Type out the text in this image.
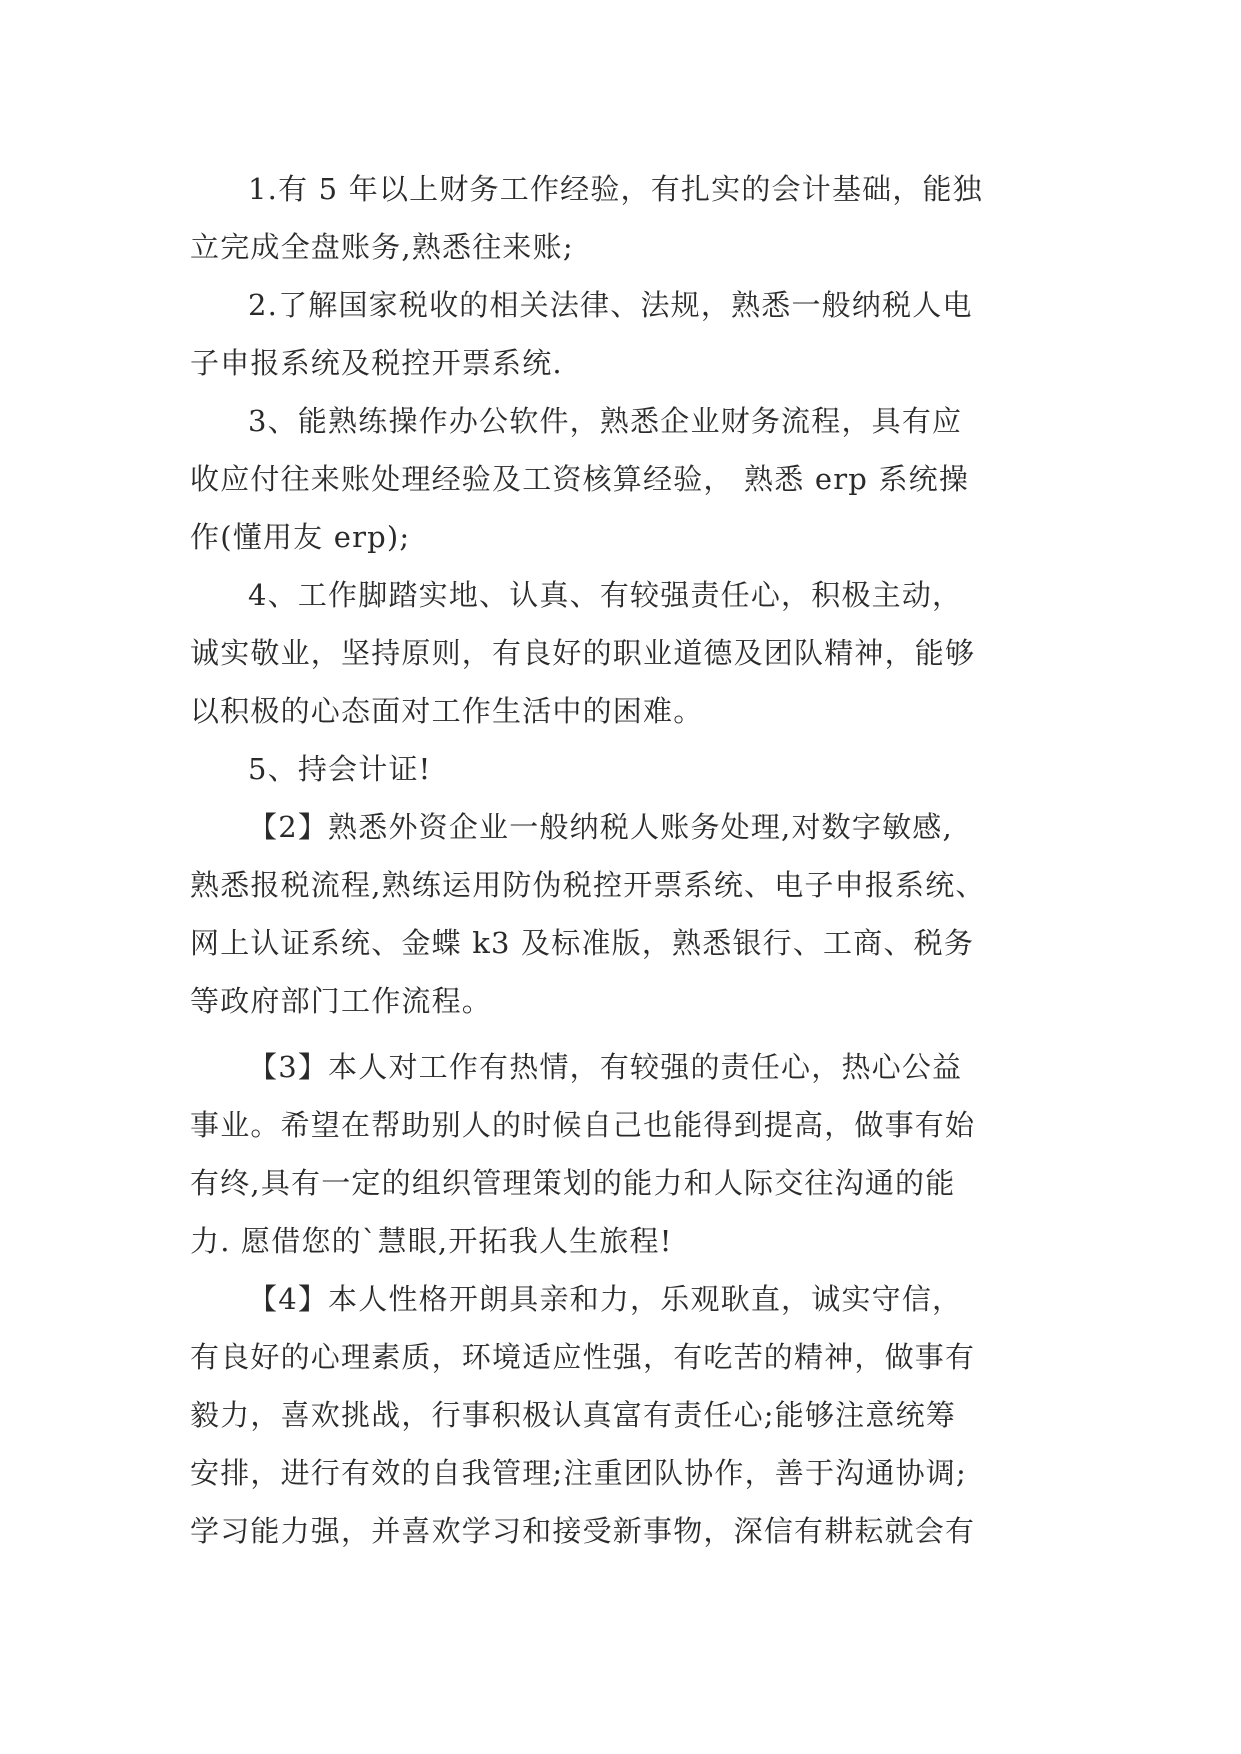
1.有 5 年以上财务工作经验，有扎实的会计基础，能独
立完成全盘账务,熟悉往来账;
2.了解国家税收的相关法律、法规，熟悉一般纳税人电
子申报系统及税控开票系统.
3、能熟练操作办公软件，熟悉企业财务流程，具有应
收应付往来账处理经验及工资核算经验， 熟悉 erp 系统操
作(懂用友 erp);
4、工作脚踏实地、认真、有较强责任心，积极主动，
诚实敬业，坚持原则，有良好的职业道德及团队精神，能够
以积极的心态面对工作生活中的困难。
5、持会计证!
【2】熟悉外资企业一般纳税人账务处理,对数字敏感,
熟悉报税流程,熟练运用防伪税控开票系统、电子申报系统、
网上认证系统、金蝶 k3 及标准版，熟悉银行、工商、税务
等政府部门工作流程。
【3】本人对工作有热情，有较强的责任心，热心公益
事业。希望在帮助别人的时候自己也能得到提高，做事有始
有终,具有一定的组织管理策划的能力和人际交往沟通的能
力. 愿借您的`慧眼,开拓我人生旅程!
【4】本人性格开朗具亲和力，乐观耿直，诚实守信，
有良好的心理素质，环境适应性强，有吃苦的精神，做事有
毅力，喜欢挑战，行事积极认真富有责任心;能够注意统筹
安排，进行有效的自我管理;注重团队协作，善于沟通协调;
学习能力强，并喜欢学习和接受新事物，深信有耕耘就会有
